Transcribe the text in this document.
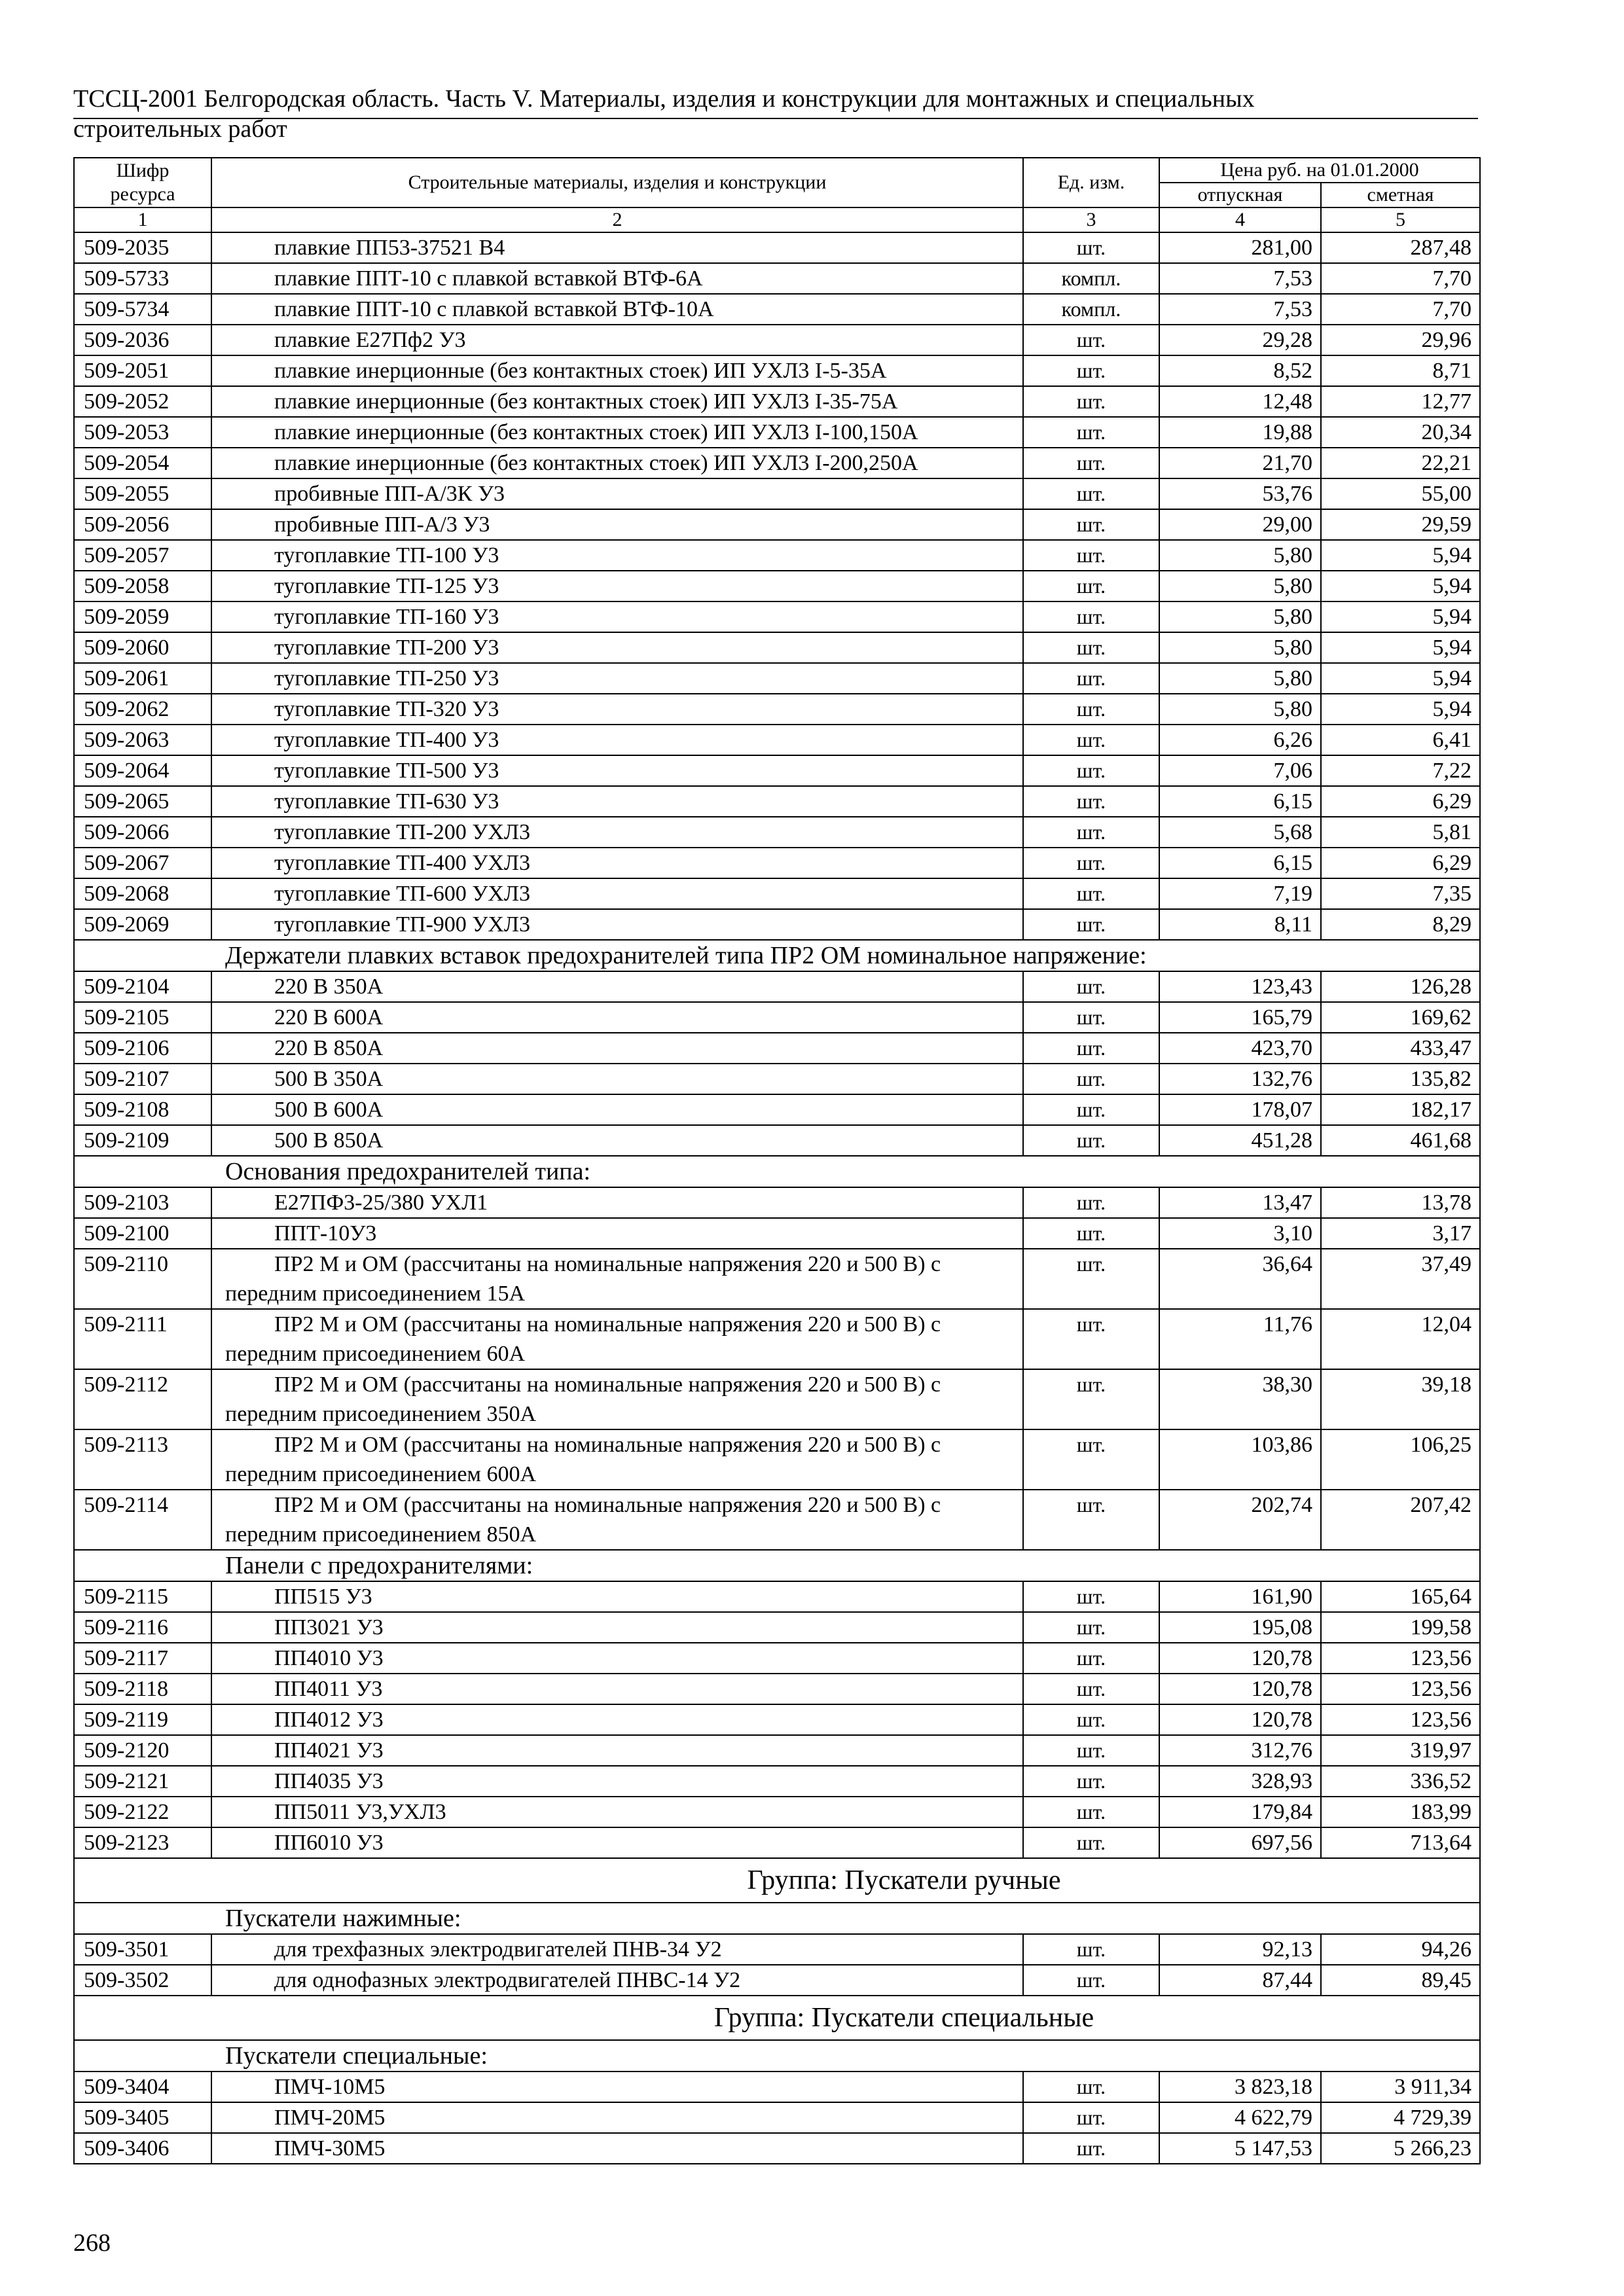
ТССЦ-2001 Белгородская область. Часть V. Материалы, изделия и конструкции для монтажных и специальных
строительных работ
Шифр ресурса	Строительные материалы, изделия и конструкции	Ед. изм.	Цена руб. на 01.01.2000	
			отпускная	сметная
1	2	3	4	5
509-2035	плавкие ПП53-37521 В4	шт.	281,00	287,48
509-5733	плавкие ППТ-10 с плавкой вставкой ВТФ-6А	компл.	7,53	7,70
509-5734	плавкие ППТ-10 с плавкой вставкой ВТФ-10А	компл.	7,53	7,70
509-2036	плавкие Е27Пф2 У3	шт.	29,28	29,96
509-2051	плавкие инерционные (без контактных стоек) ИП УХЛ3 I-5-35А	шт.	8,52	8,71
509-2052	плавкие инерционные (без контактных стоек) ИП УХЛ3 I-35-75А	шт.	12,48	12,77
509-2053	плавкие инерционные (без контактных стоек) ИП УХЛ3 I-100,150А	шт.	19,88	20,34
509-2054	плавкие инерционные (без контактных стоек) ИП УХЛ3 I-200,250А	шт.	21,70	22,21
509-2055	пробивные ПП-А/3К У3	шт.	53,76	55,00
509-2056	пробивные ПП-А/3 У3	шт.	29,00	29,59
509-2057	тугоплавкие ТП-100 У3	шт.	5,80	5,94
509-2058	тугоплавкие ТП-125 У3	шт.	5,80	5,94
509-2059	тугоплавкие ТП-160 У3	шт.	5,80	5,94
509-2060	тугоплавкие ТП-200 У3	шт.	5,80	5,94
509-2061	тугоплавкие ТП-250 У3	шт.	5,80	5,94
509-2062	тугоплавкие ТП-320 У3	шт.	5,80	5,94
509-2063	тугоплавкие ТП-400 У3	шт.	6,26	6,41
509-2064	тугоплавкие ТП-500 У3	шт.	7,06	7,22
509-2065	тугоплавкие ТП-630 У3	шт.	6,15	6,29
509-2066	тугоплавкие ТП-200 УХЛ3	шт.	5,68	5,81
509-2067	тугоплавкие ТП-400 УХЛ3	шт.	6,15	6,29
509-2068	тугоплавкие ТП-600 УХЛ3	шт.	7,19	7,35
509-2069	тугоплавкие ТП-900 УХЛ3	шт.	8,11	8,29
Держатели плавких вставок предохранителей типа ПР2 ОМ номинальное напряжение:				
509-2104	220 В 350А	шт.	123,43	126,28
509-2105	220 В 600А	шт.	165,79	169,62
509-2106	220 В 850А	шт.	423,70	433,47
509-2107	500 В 350А	шт.	132,76	135,82
509-2108	500 В 600А	шт.	178,07	182,17
509-2109	500 В 850А	шт.	451,28	461,68
Основания предохранителей типа:				
509-2103	Е27ПФ3-25/380 УХЛ1	шт.	13,47	13,78
509-2100	ППТ-10У3	шт.	3,10	3,17
509-2110	ПР2 М и ОМ (рассчитаны на номинальные напряжения 220 и 500 В) с передним присоединением 15А	шт.	36,64	37,49
509-2111	ПР2 М и ОМ (рассчитаны на номинальные напряжения 220 и 500 В) с передним присоединением 60А	шт.	11,76	12,04
509-2112	ПР2 М и ОМ (рассчитаны на номинальные напряжения 220 и 500 В) с передним присоединением 350А	шт.	38,30	39,18
509-2113	ПР2 М и ОМ (рассчитаны на номинальные напряжения 220 и 500 В) с передним присоединением 600А	шт.	103,86	106,25
509-2114	ПР2 М и ОМ (рассчитаны на номинальные напряжения 220 и 500 В) с передним присоединением 850А	шт.	202,74	207,42
Панели с предохранителями:				
509-2115	ПП515 У3	шт.	161,90	165,64
509-2116	ПП3021 У3	шт.	195,08	199,58
509-2117	ПП4010 У3	шт.	120,78	123,56
509-2118	ПП4011 У3	шт.	120,78	123,56
509-2119	ПП4012 У3	шт.	120,78	123,56
509-2120	ПП4021 У3	шт.	312,76	319,97
509-2121	ПП4035 У3	шт.	328,93	336,52
509-2122	ПП5011 У3,УХЛ3	шт.	179,84	183,99
509-2123	ПП6010 У3	шт.	697,56	713,64
Группа: Пускатели ручные				
Пускатели нажимные:				
509-3501	для трехфазных электродвигателей ПНВ-34 У2	шт.	92,13	94,26
509-3502	для однофазных электродвигателей ПНВС-14 У2	шт.	87,44	89,45
Группа: Пускатели специальные				
Пускатели специальные:				
509-3404	ПМЧ-10М5	шт.	3 823,18	3 911,34
509-3405	ПМЧ-20М5	шт.	4 622,79	4 729,39
509-3406	ПМЧ-30М5	шт.	5 147,53	5 266,23
268
